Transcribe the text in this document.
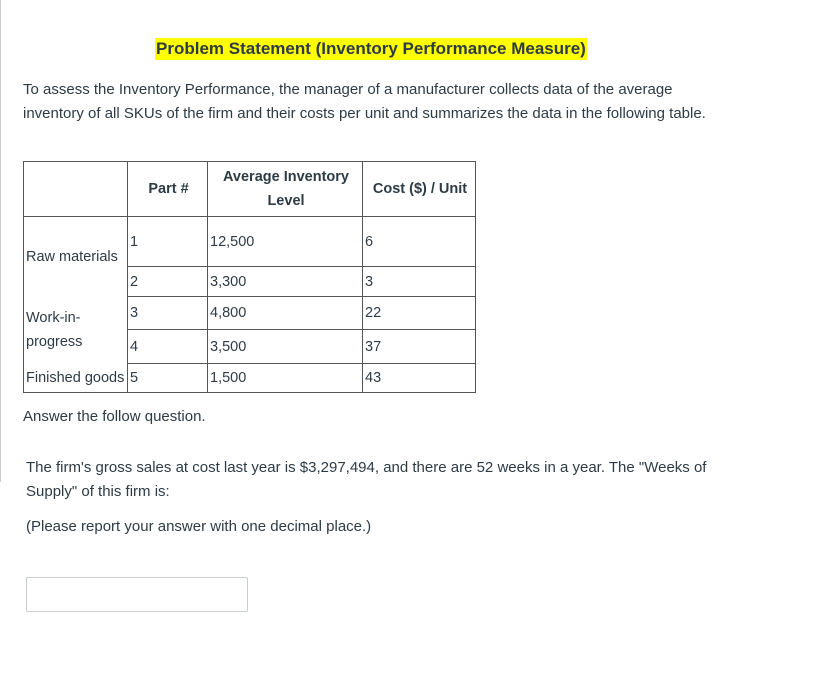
Problem Statement (Inventory Performance Measure)
To assess the Inventory Performance, the manager of a manufacturer collects data of the average inventory of all SKUs of the firm and their costs per unit and summarizes the data in the following table.
	Part #	Average Inventory Level	Cost ($) / Unit
Raw materials	1	12,500	6
	2	3,300	3

Work-in-progress	3	4,800	22
	4	3,500	37
Finished goods	5	1,500	43
Answer the follow question.
The firm's gross sales at cost last year is $3,297,494, and there are 52 weeks in a year. The "Weeks of Supply" of this firm is:
(Please report your answer with one decimal place.)
